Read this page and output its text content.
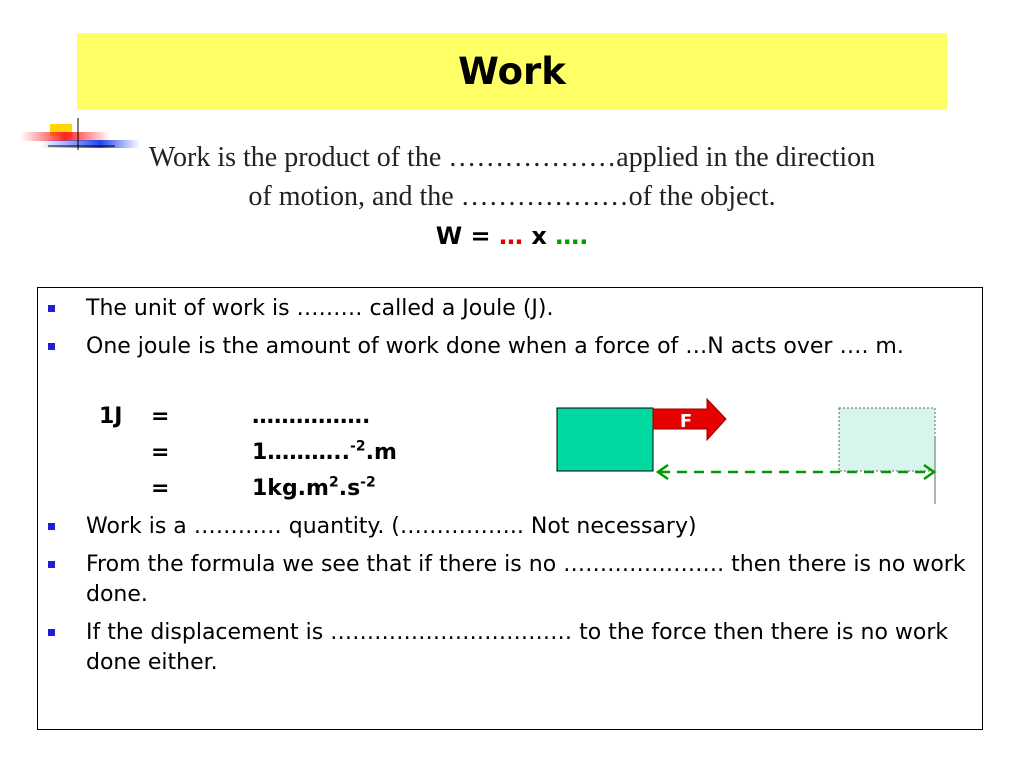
Work
Work is the product of the ………………applied in the direction
of motion, and the ………………of the object.
W = … x ….
The unit of work is ……… called a Joule (J).
One joule is the amount of work done when a force of …N acts over …. m.
1J =	…………….
=	1………..$^{-2}$.m
=	$1kg.m^2.s^{-2}$
F
Work is a ………… quantity. (…………….. Not necessary)
From the formula we see that if there is no …………………. then there is no work done.
If the displacement is …………………………… to the force then there is no work done either.
